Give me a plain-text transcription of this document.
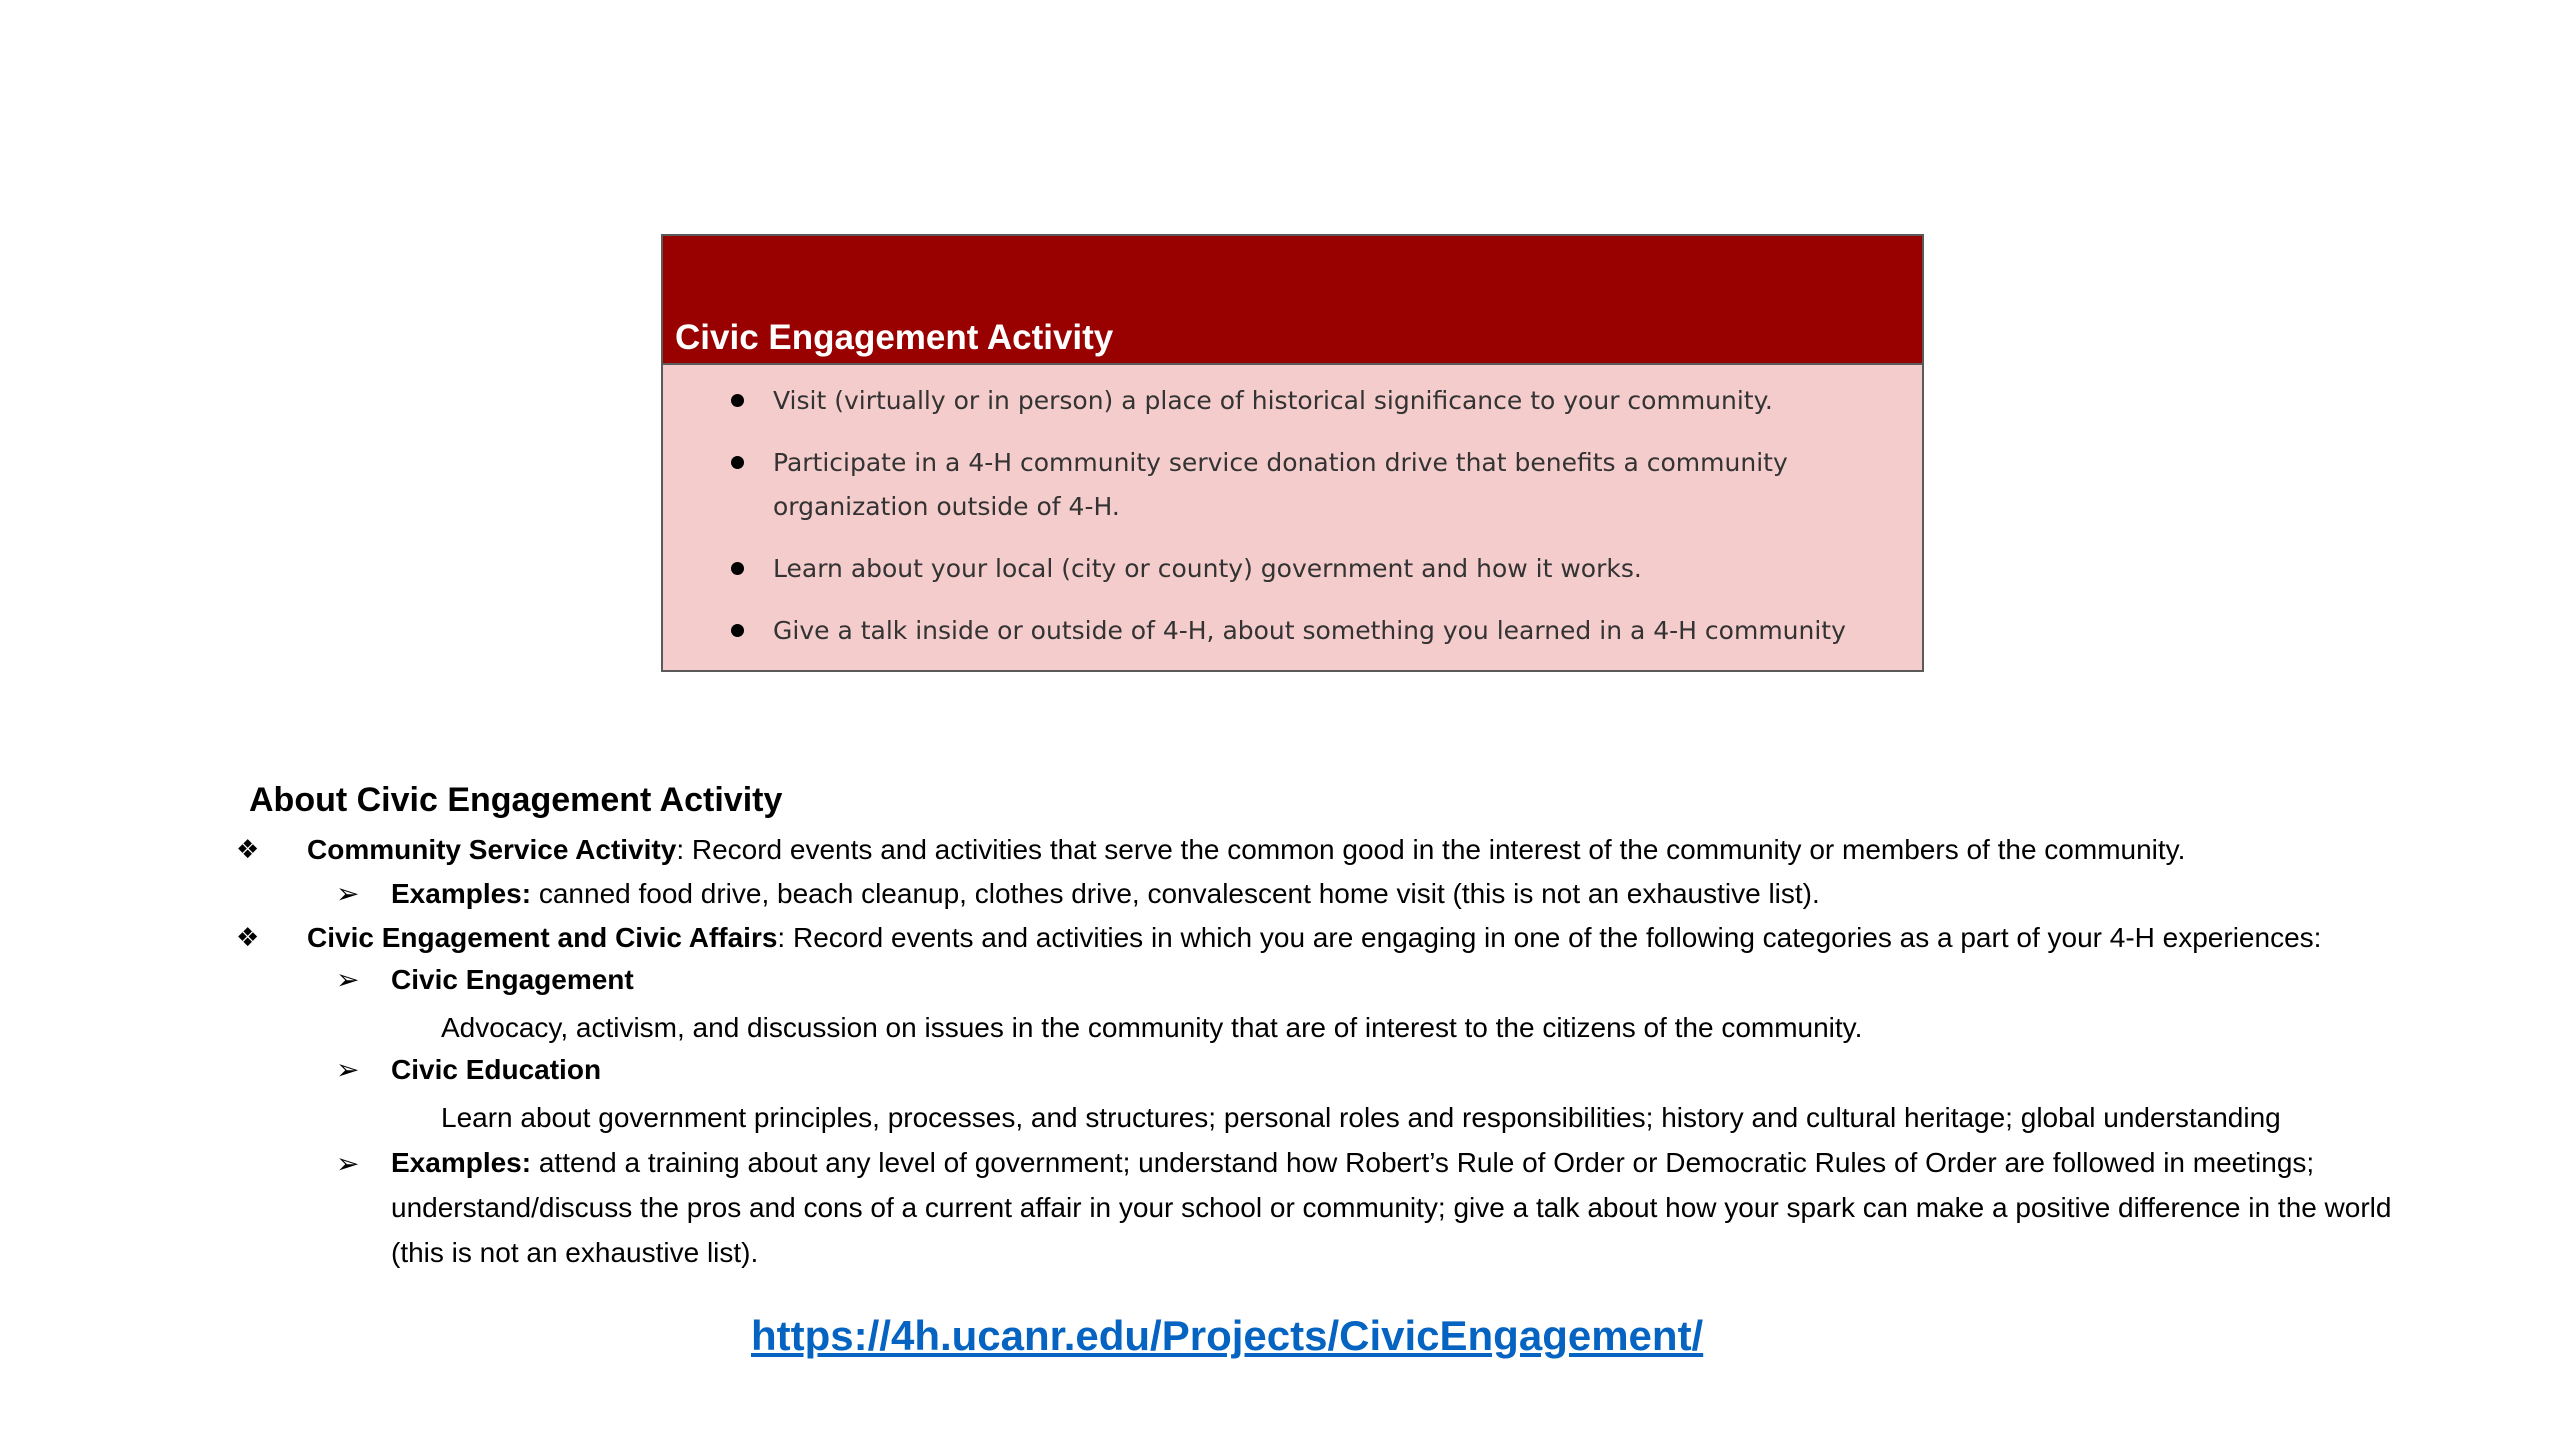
Civic Engagement Activity
Visit (virtually or in person) a place of historical significance to your community.
Participate in a 4-H community service donation drive that benefits a community organization outside of 4-H.
Learn about your local (city or county) government and how it works.
Give a talk inside or outside of 4-H, about something you learned in a 4-H community
About Civic Engagement Activity
❖ Community Service Activity: Record events and activities that serve the common good in the interest of the community or members of the community.
➢ Examples: canned food drive, beach cleanup, clothes drive, convalescent home visit (this is not an exhaustive list).
❖ Civic Engagement and Civic Affairs: Record events and activities in which you are engaging in one of the following categories as a part of your 4-H experiences:
➢ Civic Engagement
Advocacy, activism, and discussion on issues in the community that are of interest to the citizens of the community.
➢ Civic Education
Learn about government principles, processes, and structures; personal roles and responsibilities; history and cultural heritage; global understanding
➢ Examples: attend a training about any level of government; understand how Robert’s Rule of Order or Democratic Rules of Order are followed in meetings; understand/discuss the pros and cons of a current affair in your school or community; give a talk about how your spark can make a positive difference in the world (this is not an exhaustive list).
https://4h.ucanr.edu/Projects/CivicEngagement/
